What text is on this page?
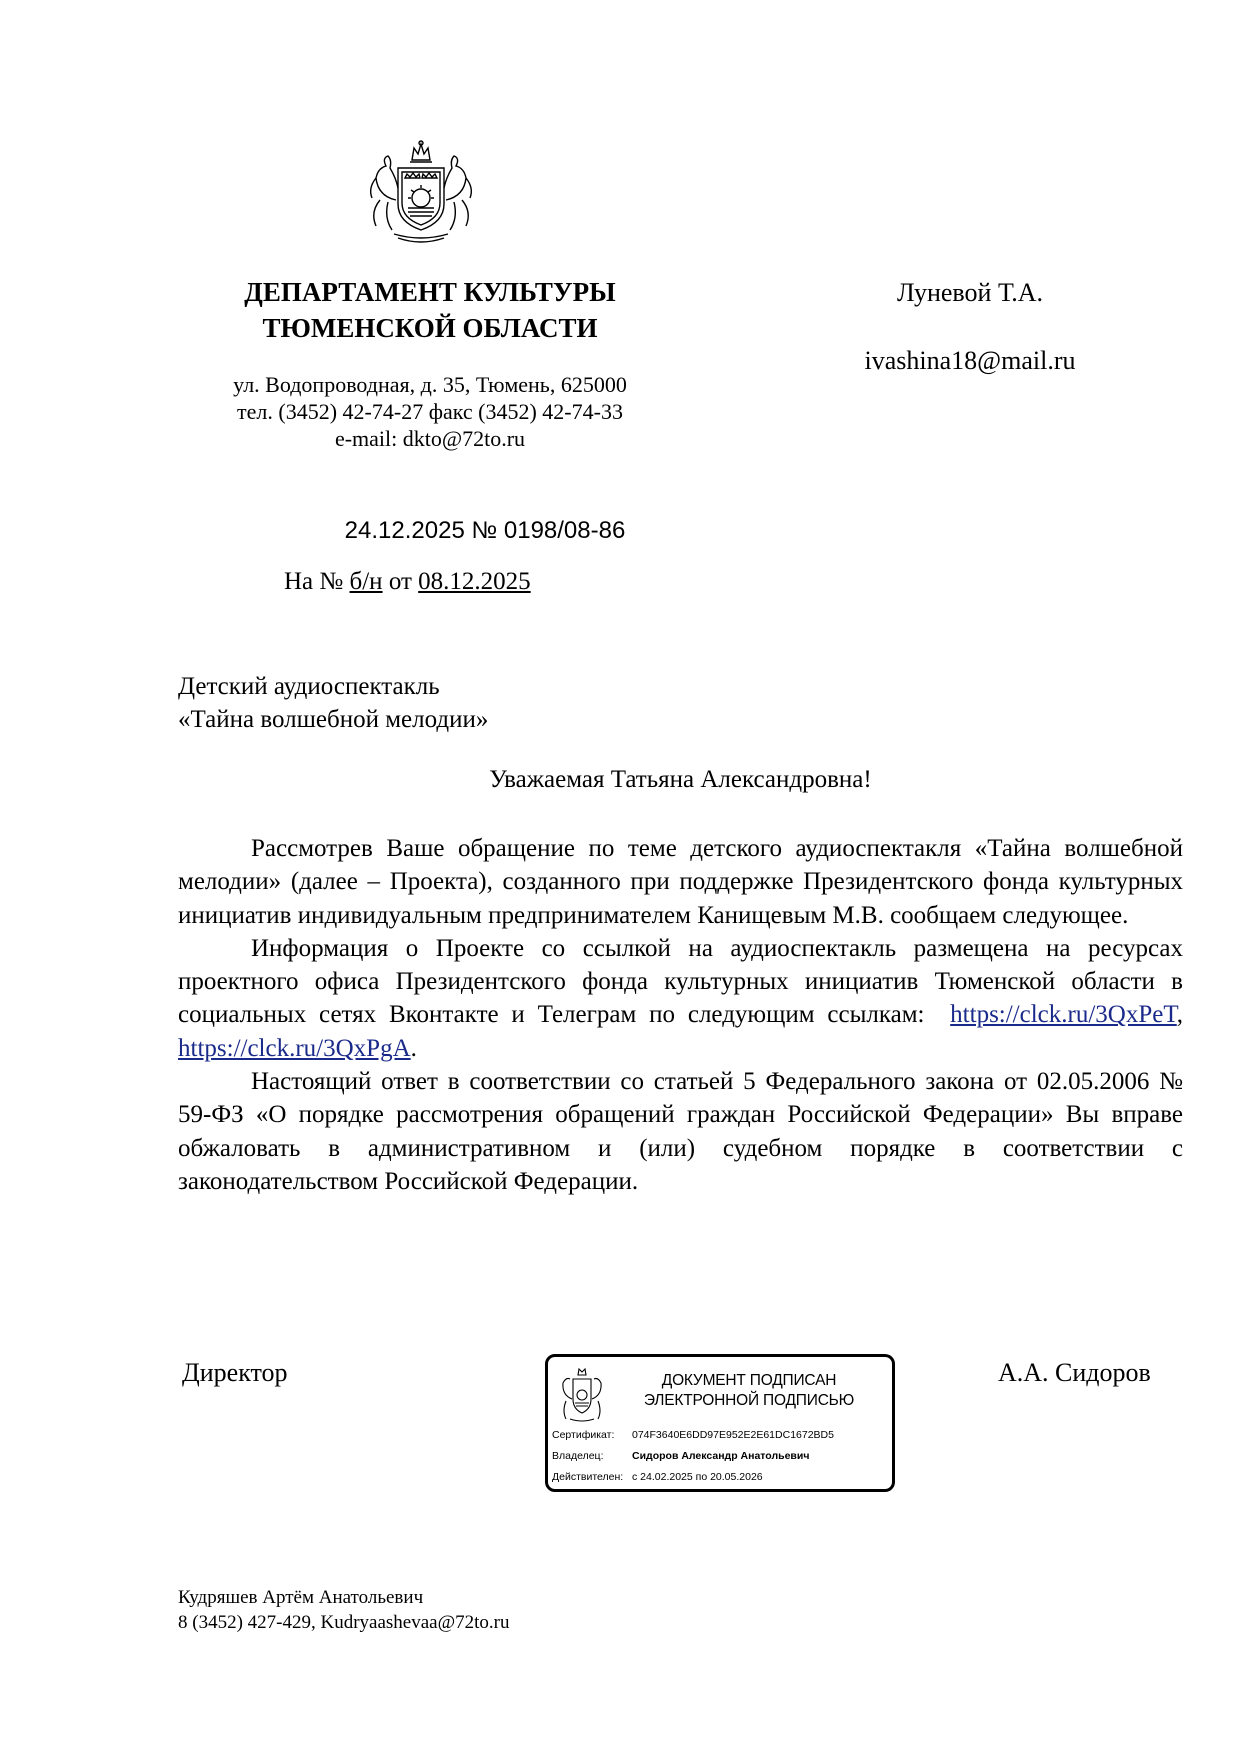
ДЕПАРТАМЕНТ КУЛЬТУРЫ
ТЮМЕНСКОЙ ОБЛАСТИ
ул. Водопроводная, д. 35, Тюмень, 625000
тел. (3452) 42-74-27 факс (3452) 42-74-33
e-mail: dkto@72to.ru
Луневой Т.А.
ivashina18@mail.ru
24.12.2025 № 0198/08-86
На № б/н от 08.12.2025
Детский аудиоспектакль
«Тайна волшебной мелодии»
Уважаемая Татьяна Александровна!

Рассмотрев Ваше обращение по теме детского аудиоспектакля «Тайна волшебной мелодии» (далее – Проекта), созданного при поддержке Президентского фонда культурных инициатив индивидуальным предпринимателем Канищевым М.В. сообщаем следующее.

Информация о Проекте со ссылкой на аудиоспектакль размещена на ресурсах проектного офиса Президентского фонда культурных инициатив Тюменской области в социальных сетях Вконтакте и Телеграм по следующим ссылкам: https://clck.ru/3QxPeT, https://clck.ru/3QxPgA.

Настоящий ответ в соответствии со статьей 5 Федерального закона от 02.05.2006 № 59-ФЗ «О порядке рассмотрения обращений граждан Российской Федерации» Вы вправе обжаловать в административном и (или) судебном порядке в соответствии с законодательством Российской Федерации.

Директор	А.А. Сидоров
ДОКУМЕНТ ПОДПИСАН
ЭЛЕКТРОННОЙ ПОДПИСЬЮ
Сертификат: 074F3640E6DD97E952E2E61DC1672BD5
Владелец:	Сидоров Александр Анатольевич
Действителен: с 24.02.2025 по 20.05.2026
Кудряшев Артём Анатольевич
8 (3452) 427-429, Kudryaashevaa@72to.ru
